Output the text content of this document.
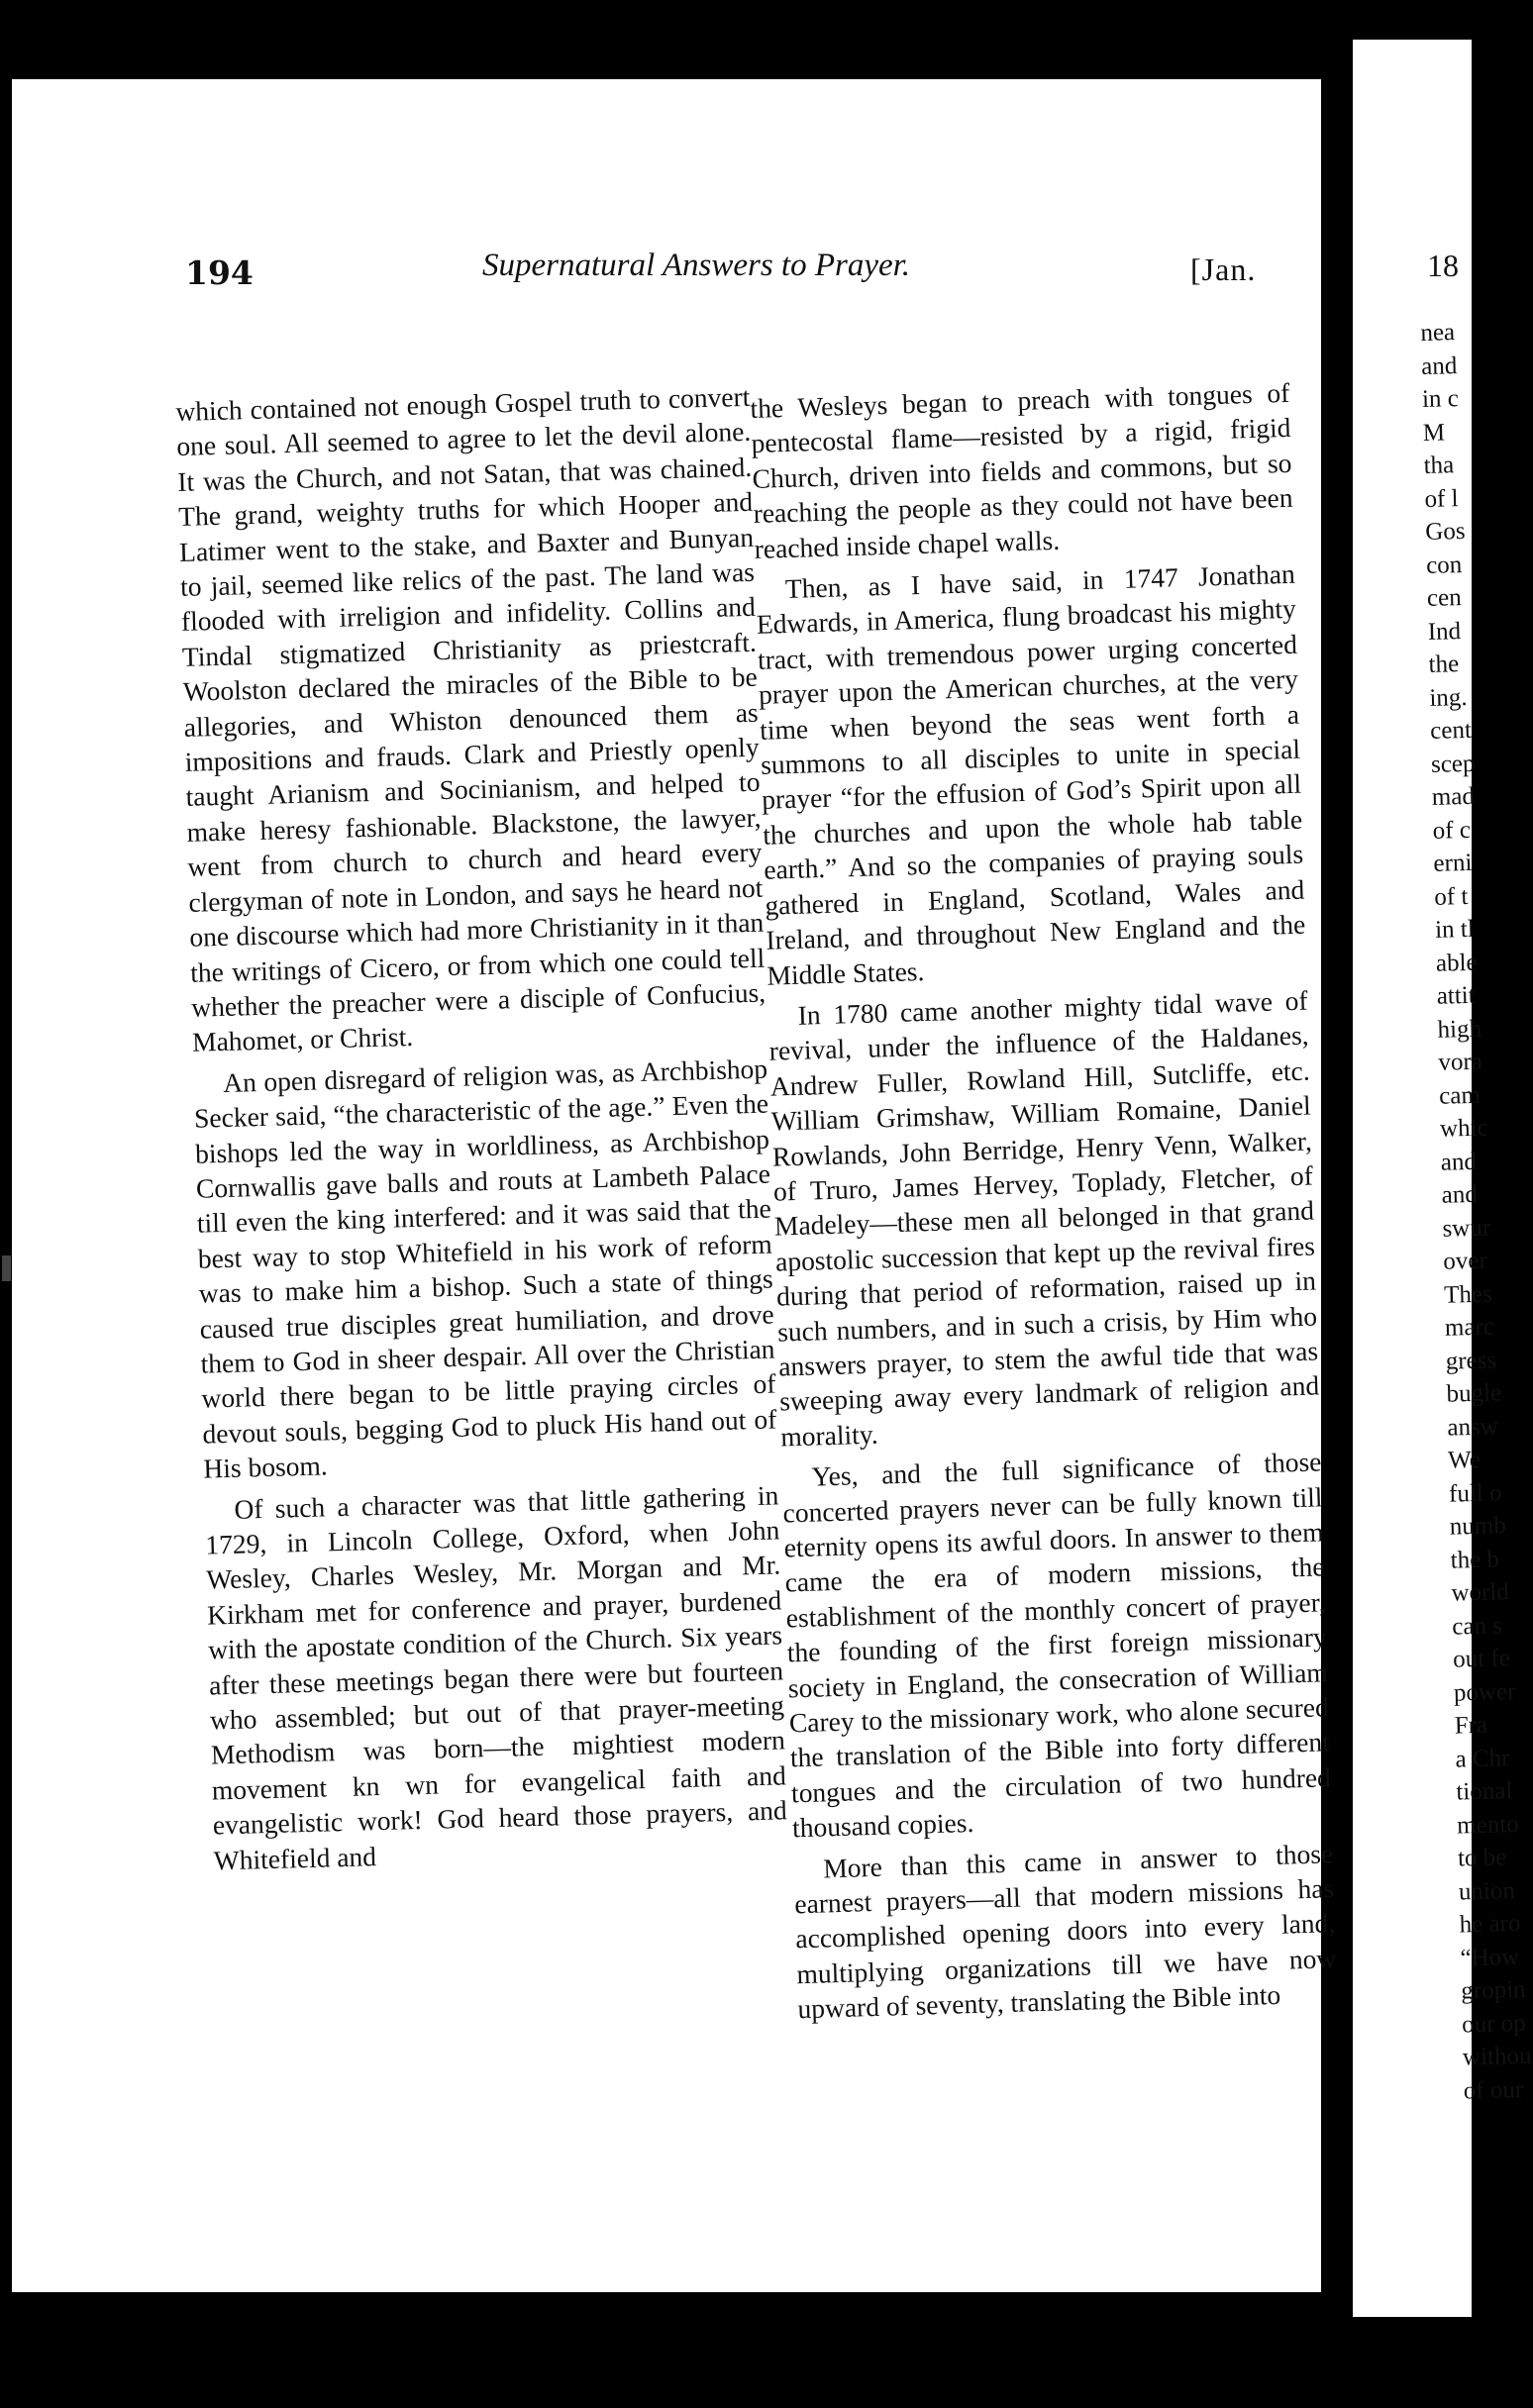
194	Supernatural Answers to Prayer.	[Jan.

which contained not enough Gospel truth to convert one soul. All seemed to agree to let the devil alone. It was the Church, and not Satan, that was chained. The grand, weighty truths for which Hooper and Latimer went to the stake, and Baxter and Bunyan to jail, seemed like relics of the past. The land was flooded with irreligion and infidelity. Collins and Tindal stigmatized Christianity as priestcraft. Woolston declared the miracles of the Bible to be allegories, and Whiston denounced them as impositions and frauds. Clark and Priestly openly taught Arianism and Socinianism, and helped to make heresy fashionable. Blackstone, the lawyer, went from church to church and heard every clergyman of note in London, and says he heard not one discourse which had more Christianity in it than the writings of Cicero, or from which one could tell whether the preacher were a disciple of Confucius, Mahomet, or Christ.

An open disregard of religion was, as Archbishop Secker said, “the characteristic of the age.” Even the bishops led the way in worldliness, as Archbishop Cornwallis gave balls and routs at Lambeth Palace till even the king interfered: and it was said that the best way to stop Whitefield in his work of reform was to make him a bishop. Such a state of things caused true disciples great humiliation, and drove them to God in sheer despair. All over the Christian world there began to be little praying circles of devout souls, begging God to pluck His hand out of His bosom.

Of such a character was that little gathering in 1729, in Lincoln College, Oxford, when John Wesley, Charles Wesley, Mr. Morgan and Mr. Kirkham met for conference and prayer, burdened with the apostate condition of the Church. Six years after these meetings began there were but fourteen who assembled; but out of that prayer-meeting Methodism was born—the mightiest modern movement kn wn for evangelical faith and evangelistic work! God heard those prayers, and Whitefield and

the Wesleys began to preach with tongues of pentecostal flame—resisted by a rigid, frigid Church, driven into fields and commons, but so reaching the people as they could not have been reached inside chapel walls.

Then, as I have said, in 1747 Jonathan Edwards, in America, flung broadcast his mighty tract, with tremendous power urging concerted prayer upon the American churches, at the very time when beyond the seas went forth a summons to all disciples to unite in special prayer “for the effusion of God’s Spirit upon all the churches and upon the whole hab table earth.” And so the companies of praying souls gathered in England, Scotland, Wales and Ireland, and throughout New England and the Middle States.

In 1780 came another mighty tidal wave of revival, under the influence of the Haldanes, Andrew Fuller, Rowland Hill, Sutcliffe, etc. William Grimshaw, William Romaine, Daniel Rowlands, John Berridge, Henry Venn, Walker, of Truro, James Hervey, Toplady, Fletcher, of Madeley—these men all belonged in that grand apostolic succession that kept up the revival fires during that period of reformation, raised up in such numbers, and in such a crisis, by Him who answers prayer, to stem the awful tide that was sweeping away every landmark of religion and morality.

Yes, and the full significance of those concerted prayers never can be fully known till eternity opens its awful doors. In answer to them came the era of modern missions, the establishment of the monthly concert of prayer, the founding of the first foreign missionary society in England, the consecration of William Carey to the missionary work, who alone secured the translation of the Bible into forty different tongues and the circulation of two hundred thousand copies.

More than this came in answer to those earnest prayers—all that modern missions has accomplished opening doors into every land, multiplying organizations till we have now upward of seventy, translating the Bible into

18
nea
and
in c
M
tha
of l
Gos
con
cen
Ind
the
ing.
cent
scep
mad
of c
erni
of t
in tl
able
attit
high
vora
cam
whic
and
and
swur
over
Thes
marc
gress
bugle
answ
We
full o
numb
the b
world
can s
out fe
power
Fra
a Chr
tional
mento
to be
union
he aro
“How
gropin
our op
withou
of our
